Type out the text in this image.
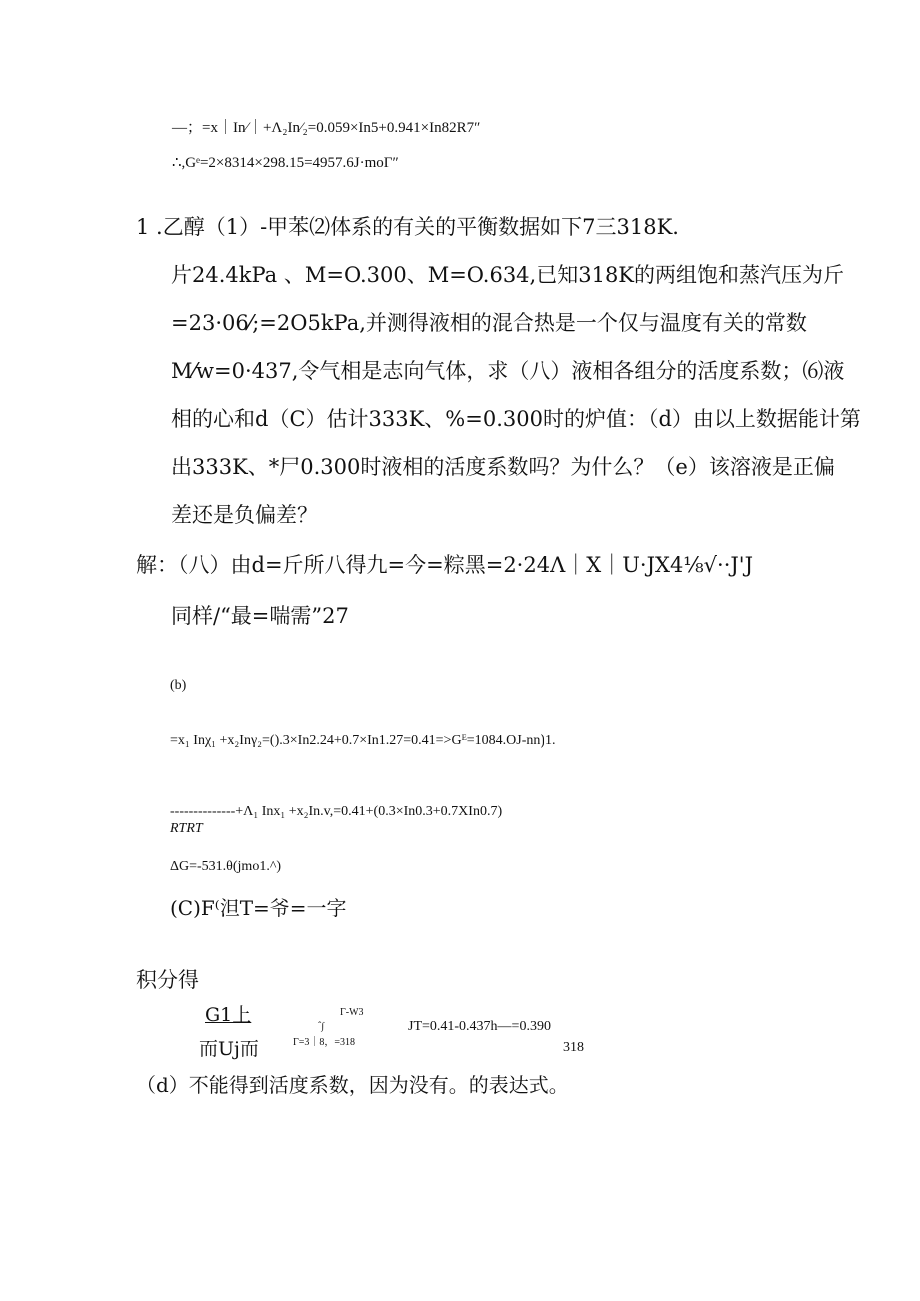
—；=x｜In⁄｜+Λ₂In⁄₂=0.059×In5+0.941×In82R7″
∴,Gᵉ=2×8314×298.15=4957.6J·moΓ″
1 .乙醇（1）-甲苯⑵体系的有关的平衡数据如下7三318K.
片24.4kPa 、M=O.300、M=O.634,已知318K的两组饱和蒸汽压为斤
=23·06⁄;=2O5kPa,并测得液相的混合热是一个仅与温度有关的常数
M⁄w=0·437,令气相是志向气体，求（八）液相各组分的活度系数；⑹液
相的心和d（C）估计333K、%=0.300时的炉值：（d）由以上数据能计第
出333K、*尸0.300时液相的活度系数吗？为什么？（e）该溶液是正偏
差还是负偏差？
解：（八）由d=斤所八得九=今=粽黑=2·24Λ｜X｜U·JX4⅛√··J'J
同样/“最=喘需”27
(b)
=x₁ Inχ₁ +x₂Inγ₂=().3×In2.24+0.7×In1.27=0.41=>Gᴱ=1084.OJ-nn⟯1.
--------------+Λ₁ Inx₁ +x₂In.v,=0.41+(0.3×In0.3+0.7XIn0.7)
RTRT
ΔG=-531.θ(jmo1.^)
(C)F⁽泹T=爷=一字
积分得
G1上
而Uj而
Γ-W3
ˆ∫
Γ=3｜8，=318
JT=0.41-0.437h—=0.390
318
（d）不能得到活度系数，因为没有。的表达式。
